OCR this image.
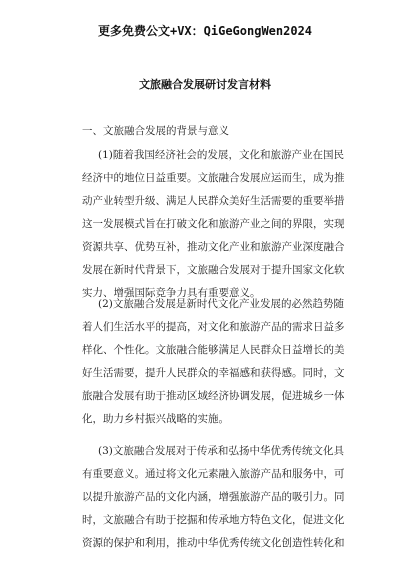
更多免费公文+VX：QiGeGongWen2024
文旅融合发展研讨发言材料
一、文旅融合发展的背景与意义
(1)随着我国经济社会的发展，文化和旅游产业在国民
经济中的地位日益重要。文旅融合发展应运而生，成为推
动产业转型升级、满足人民群众美好生活需要的重要举措
这一发展模式旨在打破文化和旅游产业之间的界限，实现
资源共享、优势互补，推动文化产业和旅游产业深度融合
发展在新时代背景下，文旅融合发展对于提升国家文化软
实力、增强国际竞争力具有重要意义。
(2)文旅融合发展是新时代文化产业发展的必然趋势随
着人们生活水平的提高，对文化和旅游产品的需求日益多
样化、个性化。文旅融合能够满足人民群众日益增长的美
好生活需要，提升人民群众的幸福感和获得感。同时，文
旅融合发展有助于推动区域经济协调发展，促进城乡一体
化，助力乡村振兴战略的实施。
(3)文旅融合发展对于传承和弘扬中华优秀传统文化具
有重要意义。通过将文化元素融入旅游产品和服务中，可
以提升旅游产品的文化内涵，增强旅游产品的吸引力。同
时，文旅融合有助于挖掘和传承地方特色文化，促进文化
资源的保护和利用，推动中华优秀传统文化创造性转化和
